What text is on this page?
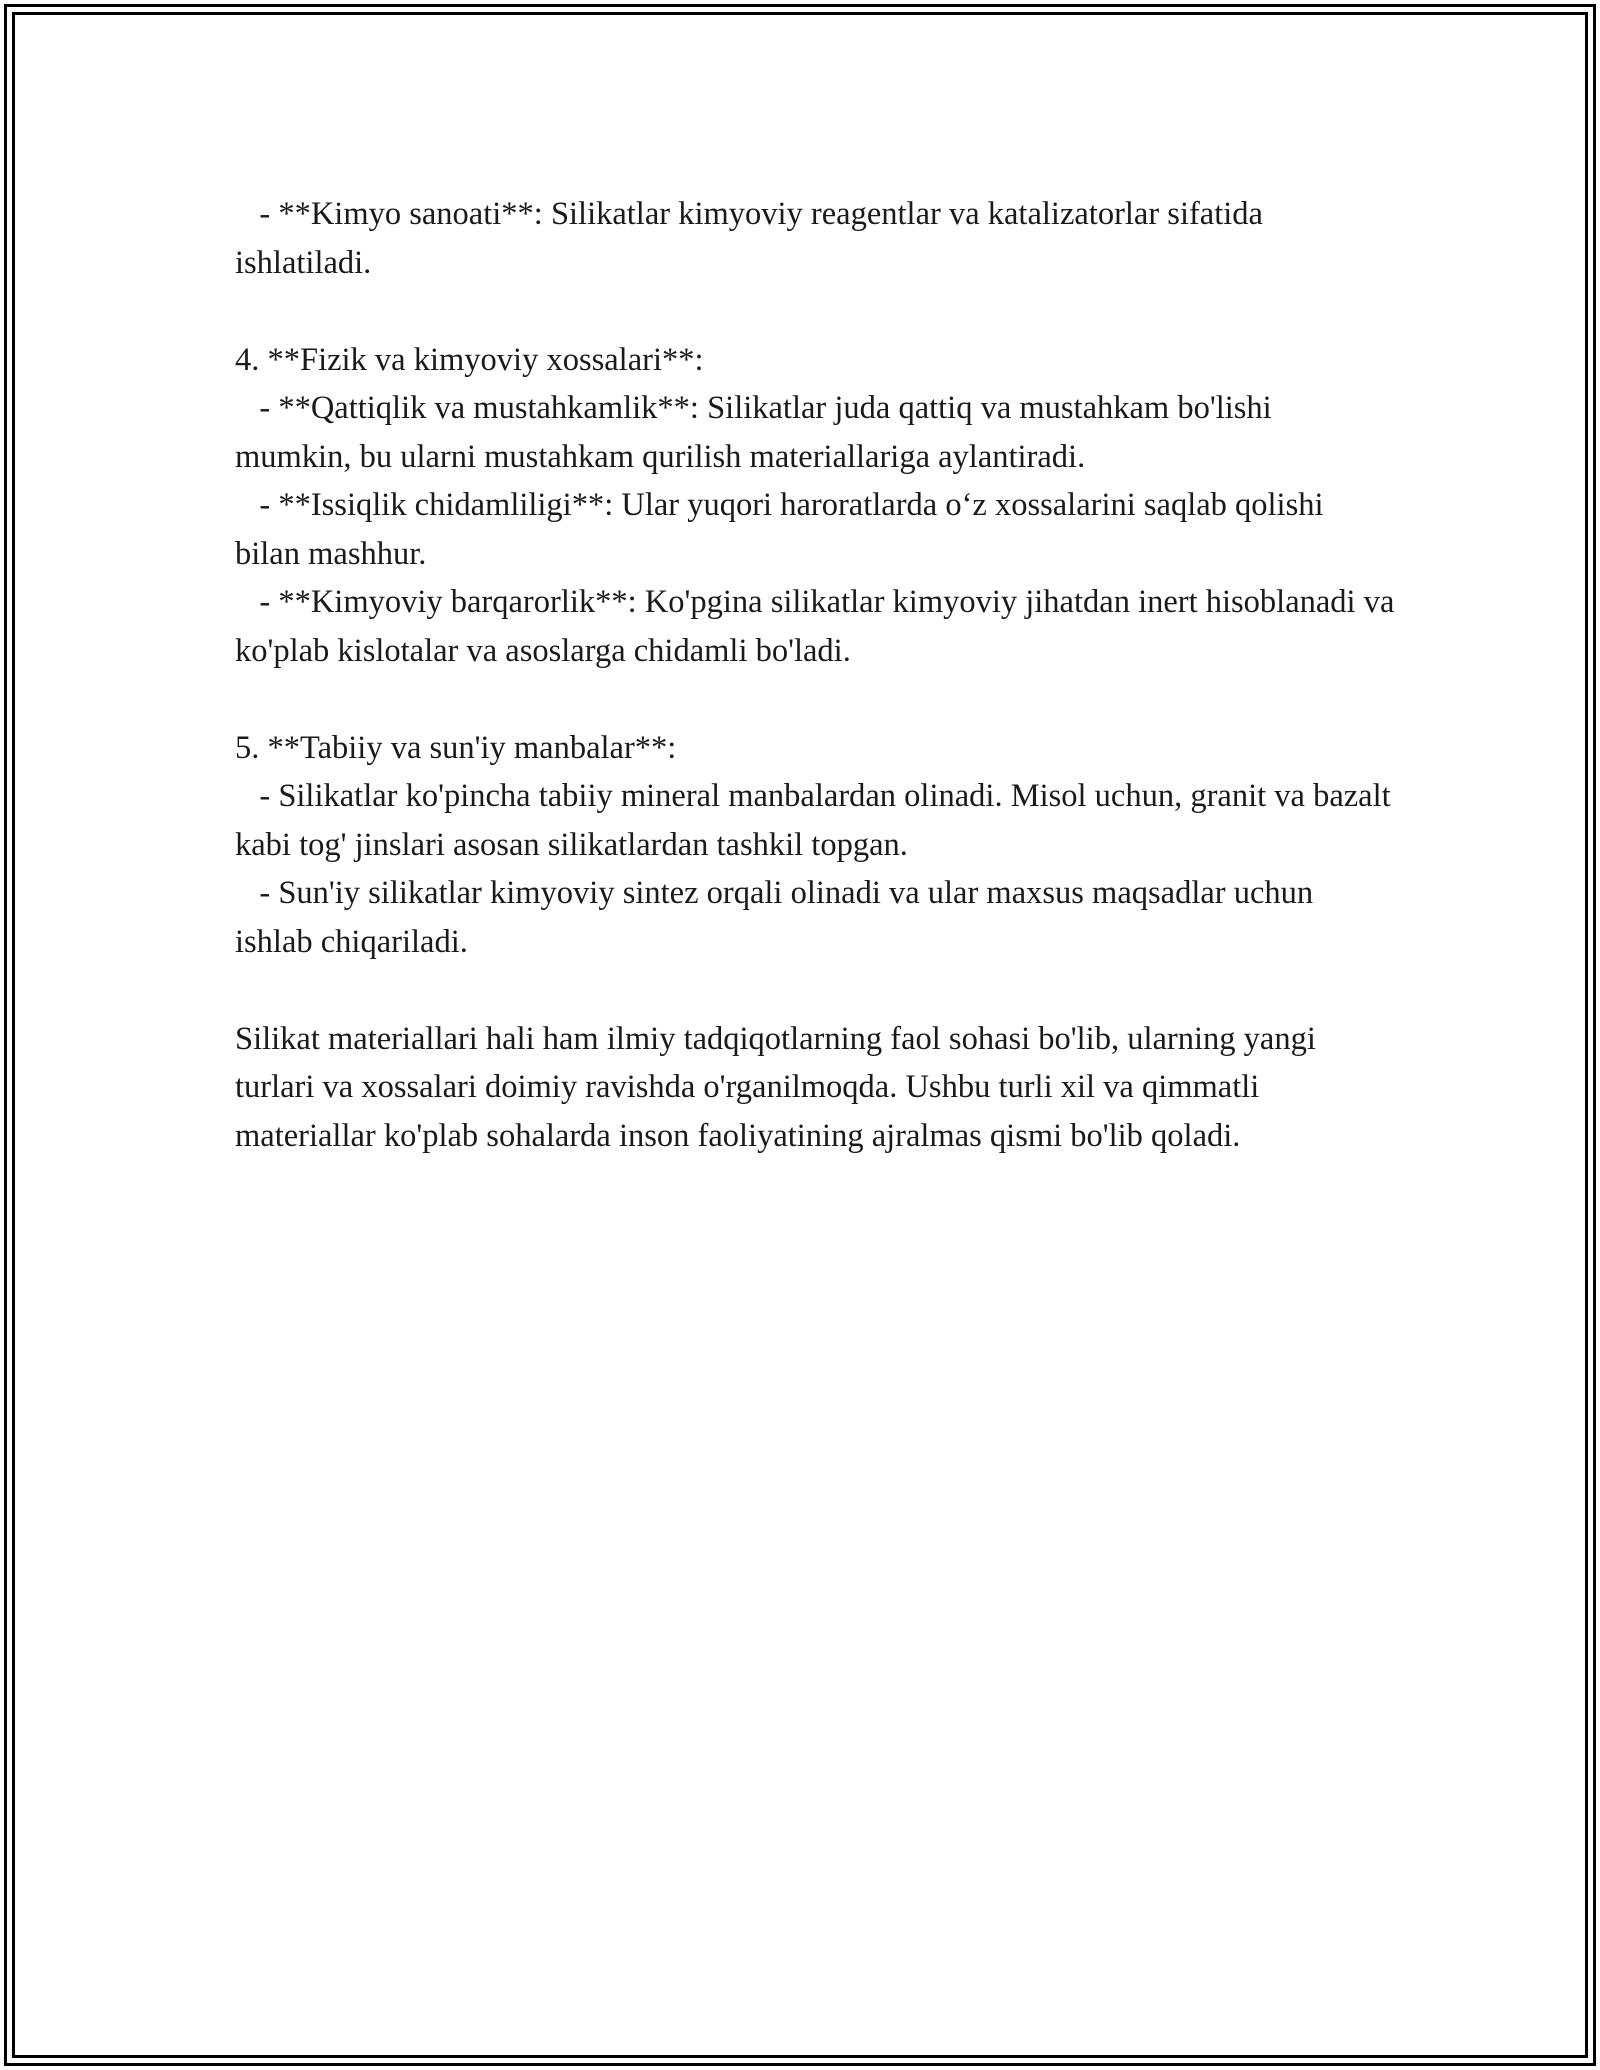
- **Kimyo sanoati**: Silikatlar kimyoviy reagentlar va katalizatorlar sifatida ishlatiladi.

4. **Fizik va kimyoviy xossalari**:

- **Qattiqlik va mustahkamlik**: Silikatlar juda qattiq va mustahkam bo'lishi mumkin, bu ularni mustahkam qurilish materiallariga aylantiradi.

- **Issiqlik chidamliligi**: Ular yuqori haroratlarda o‘z xossalarini saqlab qolishi bilan mashhur.

- **Kimyoviy barqarorlik**: Ko'pgina silikatlar kimyoviy jihatdan inert hisoblanadi va ko'plab kislotalar va asoslarga chidamli bo'ladi.

5. **Tabiiy va sun'iy manbalar**:

- Silikatlar ko'pincha tabiiy mineral manbalardan olinadi. Misol uchun, granit va bazalt kabi tog' jinslari asosan silikatlardan tashkil topgan.

- Sun'iy silikatlar kimyoviy sintez orqali olinadi va ular maxsus maqsadlar uchun ishlab chiqariladi.

Silikat materiallari hali ham ilmiy tadqiqotlarning faol sohasi bo'lib, ularning yangi turlari va xossalari doimiy ravishda o'rganilmoqda. Ushbu turli xil va qimmatli materiallar ko'plab sohalarda inson faoliyatining ajralmas qismi bo'lib qoladi.
